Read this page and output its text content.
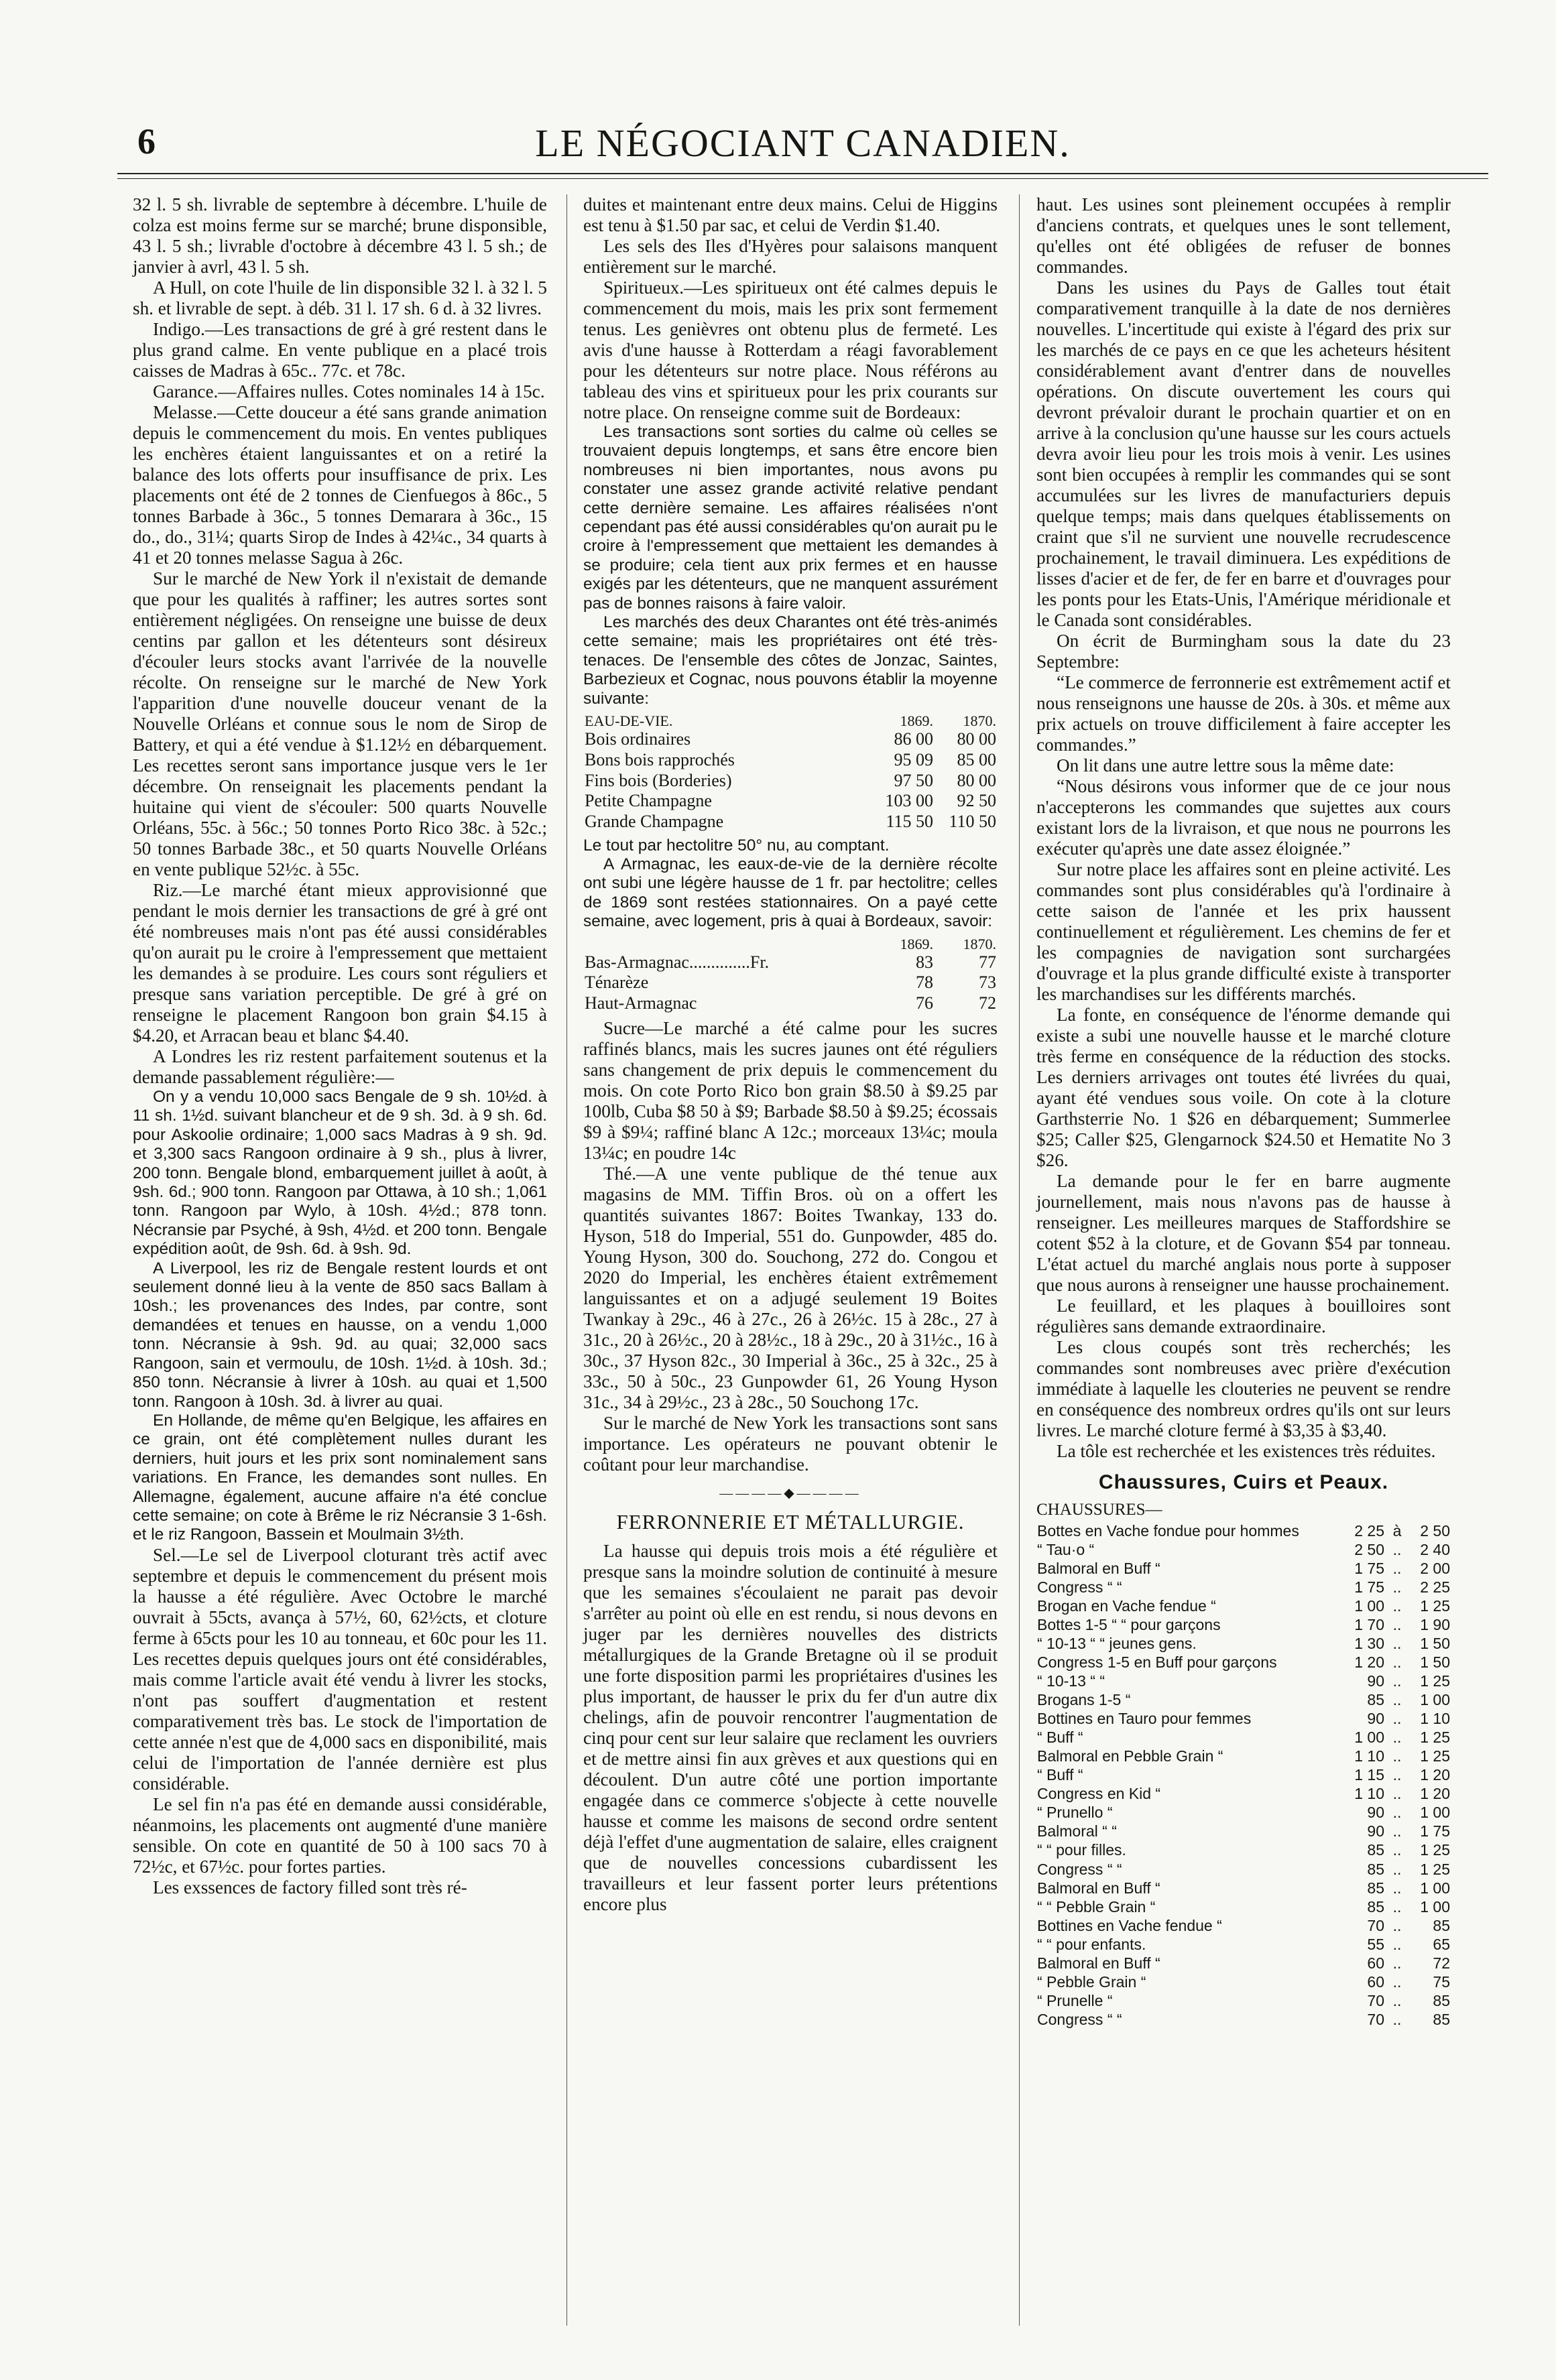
6	LE NÉGOCIANT CANADIEN.

32 l. 5 sh. livrable de septembre à décembre. L'huile de colza est moins ferme sur se marché; brune disponsible, 43 l. 5 sh.; livrable d'octobre à décembre 43 l. 5 sh.; de janvier à avrl, 43 l. 5 sh.

A Hull, on cote l'huile de lin disponsible 32 l. à 32 l. 5 sh. et livrable de sept. à déb. 31 l. 17 sh. 6 d. à 32 livres.

Indigo.—Les transactions de gré à gré restent dans le plus grand calme. En vente publique en a placé trois caisses de Madras à 65c.. 77c. et 78c.

Garance.—Affaires nulles. Cotes nominales 14 à 15c.

Melasse.—Cette douceur a été sans grande animation depuis le commencement du mois. En ventes publiques les enchères étaient languissantes et on a retiré la balance des lots offerts pour insuffisance de prix. Les placements ont été de 2 tonnes de Cienfuegos à 86c., 5 tonnes Barbade à 36c., 5 tonnes Demarara à 36c., 15 do., do., 31¼; quarts Sirop de Indes à 42¼c., 34 quarts à 41 et 20 tonnes melasse Sagua à 26c.

Sur le marché de New York il n'existait de demande que pour les qualités à raffiner; les autres sortes sont entièrement négligées. On renseigne une buisse de deux centins par gallon et les détenteurs sont désireux d'écouler leurs stocks avant l'arrivée de la nouvelle récolte. On renseigne sur le marché de New York l'apparition d'une nouvelle douceur venant de la Nouvelle Orléans et connue sous le nom de Sirop de Battery, et qui a été vendue à $1.12½ en débarquement. Les recettes seront sans importance jusque vers le 1er décembre. On renseignait les placements pendant la huitaine qui vient de s'écouler: 500 quarts Nouvelle Orléans, 55c. à 56c.; 50 tonnes Porto Rico 38c. à 52c.; 50 tonnes Barbade 38c., et 50 quarts Nouvelle Orléans en vente publique 52½c. à 55c.

Riz.—Le marché étant mieux approvisionné que pendant le mois dernier les transactions de gré à gré ont été nombreuses mais n'ont pas été aussi considérables qu'on aurait pu le croire à l'empressement que mettaient les demandes à se produire. Les cours sont réguliers et presque sans variation perceptible. De gré à gré on renseigne le placement Rangoon bon grain $4.15 à $4.20, et Arracan beau et blanc $4.40.

A Londres les riz restent parfaitement soutenus et la demande passablement régulière:—

On y a vendu 10,000 sacs Bengale de 9 sh. 10½d. à 11 sh. 1½d. suivant blancheur et de 9 sh. 3d. à 9 sh. 6d. pour Askoolie ordinaire; 1,000 sacs Madras à 9 sh. 9d. et 3,300 sacs Rangoon ordinaire à 9 sh., plus à livrer, 200 tonn. Bengale blond, embarquement juillet à août, à 9sh. 6d.; 900 tonn. Rangoon par Ottawa, à 10 sh.; 1,061 tonn. Rangoon par Wylo, à 10sh. 4½d.; 878 tonn. Nécransie par Psyché, à 9sh, 4½d. et 200 tonn. Bengale expédition août, de 9sh. 6d. à 9sh. 9d.

A Liverpool, les riz de Bengale restent lourds et ont seulement donné lieu à la vente de 850 sacs Ballam à 10sh.; les provenances des Indes, par contre, sont demandées et tenues en hausse, on a vendu 1,000 tonn. Nécransie à 9sh. 9d. au quai; 32,000 sacs Rangoon, sain et vermoulu, de 10sh. 1½d. à 10sh. 3d.; 850 tonn. Nécransie à livrer à 10sh. au quai et 1,500 tonn. Rangoon à 10sh. 3d. à livrer au quai.

En Hollande, de même qu'en Belgique, les affaires en ce grain, ont été complètement nulles durant les derniers, huit jours et les prix sont nominalement sans variations. En France, les demandes sont nulles. En Allemagne, également, aucune affaire n'a été conclue cette semaine; on cote à Brême le riz Nécransie 3 1-6sh. et le riz Rangoon, Bassein et Moulmain 3½th.

Sel.—Le sel de Liverpool cloturant très actif avec septembre et depuis le commencement du présent mois la hausse a été régulière. Avec Octobre le marché ouvrait à 55cts, avança à 57½, 60, 62½cts, et cloture ferme à 65cts pour les 10 au tonneau, et 60c pour les 11. Les recettes depuis quelques jours ont été considérables, mais comme l'article avait été vendu à livrer les stocks, n'ont pas souffert d'augmentation et restent comparativement très bas. Le stock de l'importation de cette année n'est que de 4,000 sacs en disponibilité, mais celui de l'importation de l'année dernière est plus considérable.

Le sel fin n'a pas été en demande aussi considérable, néanmoins, les placements ont augmenté d'une manière sensible. On cote en quantité de 50 à 100 sacs 70 à 72½c, et 67½c. pour fortes parties.

Les exssences de factory filled sont très ré-

duites et maintenant entre deux mains. Celui de Higgins est tenu à $1.50 par sac, et celui de Verdin $1.40.

Les sels des Iles d'Hyères pour salaisons manquent entièrement sur le marché.

Spiritueux.—Les spiritueux ont été calmes depuis le commencement du mois, mais les prix sont fermement tenus. Les genièvres ont obtenu plus de fermeté. Les avis d'une hausse à Rotterdam a réagi favorablement pour les détenteurs sur notre place. Nous référons au tableau des vins et spiritueux pour les prix courants sur notre place. On renseigne comme suit de Bordeaux:

Les transactions sont sorties du calme où celles se trouvaient depuis longtemps, et sans être encore bien nombreuses ni bien importantes, nous avons pu constater une assez grande activité relative pendant cette dernière semaine. Les affaires réalisées n'ont cependant pas été aussi considérables qu'on aurait pu le croire à l'empressement que mettaient les demandes à se produire; cela tient aux prix fermes et en hausse exigés par les détenteurs, que ne manquent assurément pas de bonnes raisons à faire valoir.

Les marchés des deux Charantes ont été très-animés cette semaine; mais les propriétaires ont été très-tenaces. De l'ensemble des côtes de Jonzac, Saintes, Barbezieux et Cognac, nous pouvons établir la moyenne suivante:

EAU-DE-VIE.	1869.	1870.
Bois ordinaires	86 00	80 00
Bons bois rapprochés	95 09	85 00
Fins bois (Borderies)	97 50	80 00
Petite Champagne	103 00	92 50
Grande Champagne	115 50	110 50

Le tout par hectolitre 50° nu, au comptant.

A Armagnac, les eaux-de-vie de la dernière récolte ont subi une légère hausse de 1 fr. par hectolitre; celles de 1869 sont restées stationnaires. On a payé cette semaine, avec logement, pris à quai à Bordeaux, savoir:

	1869.	1870.
Bas-Armagnac..............Fr.	83	77
Ténarèze	78	73
Haut-Armagnac	76	72

Sucre—Le marché a été calme pour les sucres raffinés blancs, mais les sucres jaunes ont été réguliers sans changement de prix depuis le commencement du mois. On cote Porto Rico bon grain $8.50 à $9.25 par 100lb, Cuba $8 50 à $9; Barbade $8.50 à $9.25; écossais $9 à $9¼; raffiné blanc A 12c.; morceaux 13¼c; moula 13¼c; en poudre 14c

Thé.—A une vente publique de thé tenue aux magasins de MM. Tiffin Bros. où on a offert les quantités suivantes 1867: Boites Twankay, 133 do. Hyson, 518 do Imperial, 551 do. Gunpowder, 485 do. Young Hyson, 300 do. Souchong, 272 do. Congou et 2020 do Imperial, les enchères étaient extrêmement languissantes et on a adjugé seulement 19 Boites Twankay à 29c., 46 à 27c., 26 à 26½c. 15 à 28c., 27 à 31c., 20 à 26½c., 20 à 28½c., 18 à 29c., 20 à 31½c., 16 à 30c., 37 Hyson 82c., 30 Imperial à 36c., 25 à 32c., 25 à 33c., 50 à 50c., 23 Gunpowder 61, 26 Young Hyson 31c., 34 à 29½c., 23 à 28c., 50 Souchong 17c.

Sur le marché de New York les transactions sont sans importance. Les opérateurs ne pouvant obtenir le coûtant pour leur marchandise.

————◆————
FERRONNERIE ET MÉTALLURGIE.

La hausse qui depuis trois mois a été régulière et presque sans la moindre solution de continuité à mesure que les semaines s'écoulaient ne parait pas devoir s'arrêter au point où elle en est rendu, si nous devons en juger par les dernières nouvelles des districts métallurgiques de la Grande Bretagne où il se produit une forte disposition parmi les propriétaires d'usines les plus important, de hausser le prix du fer d'un autre dix chelings, afin de pouvoir rencontrer l'augmentation de cinq pour cent sur leur salaire que reclament les ouvriers et de mettre ainsi fin aux grèves et aux questions qui en découlent. D'un autre côté une portion importante engagée dans ce commerce s'objecte à cette nouvelle hausse et comme les maisons de second ordre sentent déjà l'effet d'une augmentation de salaire, elles craignent que de nouvelles concessions cubardissent les travailleurs et leur fassent porter leurs prétentions encore plus

haut. Les usines sont pleinement occupées à remplir d'anciens contrats, et quelques unes le sont tellement, qu'elles ont été obligées de refuser de bonnes commandes.

Dans les usines du Pays de Galles tout était comparativement tranquille à la date de nos dernières nouvelles. L'incertitude qui existe à l'égard des prix sur les marchés de ce pays en ce que les acheteurs hésitent considérablement avant d'entrer dans de nouvelles opérations. On discute ouvertement les cours qui devront prévaloir durant le prochain quartier et on en arrive à la conclusion qu'une hausse sur les cours actuels devra avoir lieu pour les trois mois à venir. Les usines sont bien occupées à remplir les commandes qui se sont accumulées sur les livres de manufacturiers depuis quelque temps; mais dans quelques établissements on craint que s'il ne survient une nouvelle recrudescence prochainement, le travail diminuera. Les expéditions de lisses d'acier et de fer, de fer en barre et d'ouvrages pour les ponts pour les Etats-Unis, l'Amérique méridionale et le Canada sont considérables.

On écrit de Burmingham sous la date du 23 Septembre:

“Le commerce de ferronnerie est extrêmement actif et nous renseignons une hausse de 20s. à 30s. et même aux prix actuels on trouve difficilement à faire accepter les commandes.”

On lit dans une autre lettre sous la même date:

“Nous désirons vous informer que de ce jour nous n'accepterons les commandes que sujettes aux cours existant lors de la livraison, et que nous ne pourrons les exécuter qu'après une date assez éloignée.”

Sur notre place les affaires sont en pleine activité. Les commandes sont plus considérables qu'à l'ordinaire à cette saison de l'année et les prix haussent continuellement et régulièrement. Les chemins de fer et les compagnies de navigation sont surchargées d'ouvrage et la plus grande difficulté existe à transporter les marchandises sur les différents marchés.

La fonte, en conséquence de l'énorme demande qui existe a subi une nouvelle hausse et le marché cloture très ferme en conséquence de la réduction des stocks. Les derniers arrivages ont toutes été livrées du quai, ayant été vendues sous voile. On cote à la cloture Garthsterrie No. 1 $26 en débarquement; Summerlee $25; Caller $25, Glengarnock $24.50 et Hematite No 3 $26.

La demande pour le fer en barre augmente journellement, mais nous n'avons pas de hausse à renseigner. Les meilleures marques de Staffordshire se cotent $52 à la cloture, et de Govann $54 par tonneau. L'état actuel du marché anglais nous porte à supposer que nous aurons à renseigner une hausse prochainement.

Le feuillard, et les plaques à bouilloires sont régulières sans demande extraordinaire.

Les clous coupés sont très recherchés; les commandes sont nombreuses avec prière d'exécution immédiate à laquelle les clouteries ne peuvent se rendre en conséquence des nombreux ordres qu'ils ont sur leurs livres. Le marché cloture fermé à $3,35 à $3,40.

La tôle est recherchée et les existences très réduites.

Chaussures, Cuirs et Peaux.
CHAUSSURES—
Bottes en Vache fondue pour hommes	2 25	à	2 50
“ Tau·o “	2 50	..	2 40
Balmoral en Buff “	1 75	..	2 00
Congress “ “	1 75	..	2 25
Brogan en Vache fendue “	1 00	..	1 25
Bottes 1-5 “ “ pour garçons	1 70	..	1 90
“ 10-13 “ “ jeunes gens.	1 30	..	1 50
Congress 1-5 en Buff pour garçons	1 20	..	1 50
“ 10-13 “ “	90	..	1 25
Brogans 1-5 “	85	..	1 00
Bottines en Tauro pour femmes	90	..	1 10
“ Buff “	1 00	..	1 25
Balmoral en Pebble Grain “	1 10	..	1 25
“ Buff “	1 15	..	1 20
Congress en Kid “	1 10	..	1 20
“ Prunello “	90	..	1 00
Balmoral “ “	90	..	1 75
“ “ pour filles.	85	..	1 25
Congress “ “	85	..	1 25
Balmoral en Buff “	85	..	1 00
“ “ Pebble Grain “	85	..	1 00
Bottines en Vache fendue “	70	..	85
“ “ pour enfants.	55	..	65
Balmoral en Buff “	60	..	72
“ Pebble Grain “	60	..	75
“ Prunelle “	70	..	85
Congress “ “	70	..	85
